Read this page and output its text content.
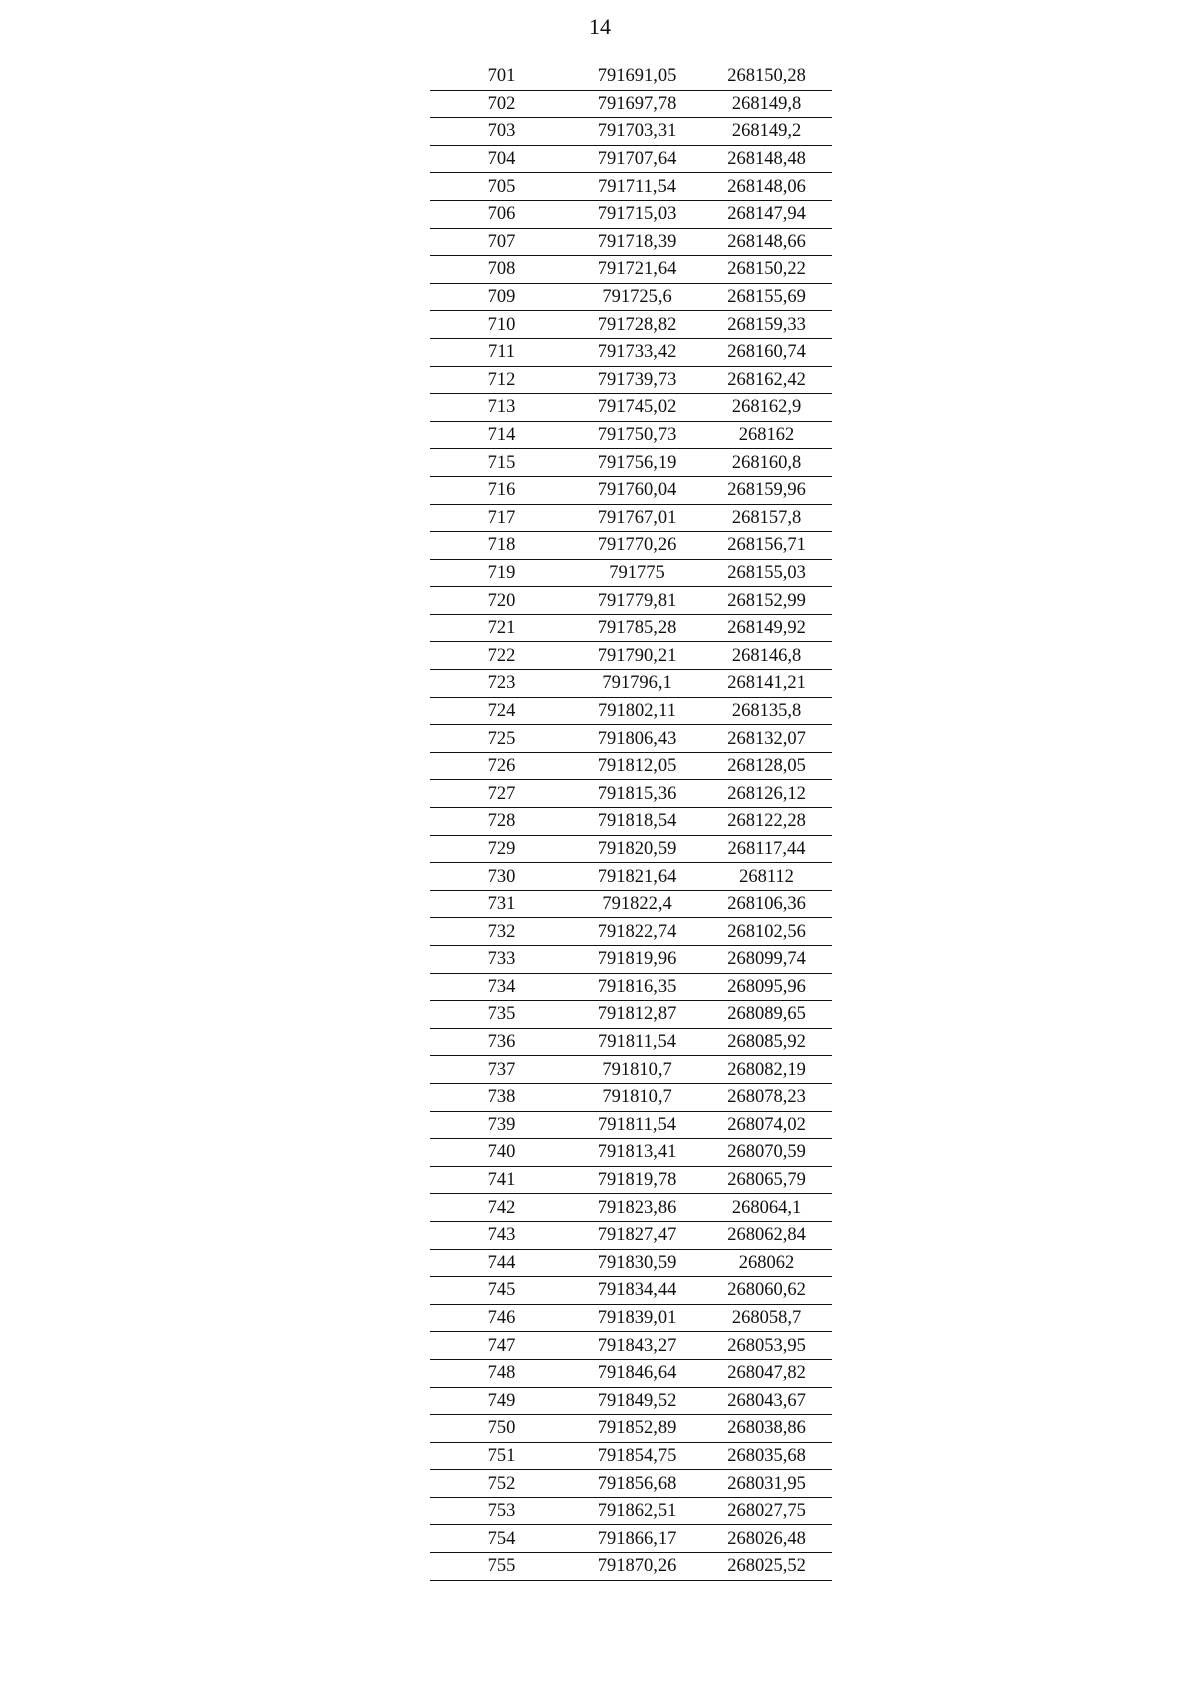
14
701	791691,05	268150,28
702	791697,78	268149,8
703	791703,31	268149,2
704	791707,64	268148,48
705	791711,54	268148,06
706	791715,03	268147,94
707	791718,39	268148,66
708	791721,64	268150,22
709	791725,6	268155,69
710	791728,82	268159,33
711	791733,42	268160,74
712	791739,73	268162,42
713	791745,02	268162,9
714	791750,73	268162
715	791756,19	268160,8
716	791760,04	268159,96
717	791767,01	268157,8
718	791770,26	268156,71
719	791775	268155,03
720	791779,81	268152,99
721	791785,28	268149,92
722	791790,21	268146,8
723	791796,1	268141,21
724	791802,11	268135,8
725	791806,43	268132,07
726	791812,05	268128,05
727	791815,36	268126,12
728	791818,54	268122,28
729	791820,59	268117,44
730	791821,64	268112
731	791822,4	268106,36
732	791822,74	268102,56
733	791819,96	268099,74
734	791816,35	268095,96
735	791812,87	268089,65
736	791811,54	268085,92
737	791810,7	268082,19
738	791810,7	268078,23
739	791811,54	268074,02
740	791813,41	268070,59
741	791819,78	268065,79
742	791823,86	268064,1
743	791827,47	268062,84
744	791830,59	268062
745	791834,44	268060,62
746	791839,01	268058,7
747	791843,27	268053,95
748	791846,64	268047,82
749	791849,52	268043,67
750	791852,89	268038,86
751	791854,75	268035,68
752	791856,68	268031,95
753	791862,51	268027,75
754	791866,17	268026,48
755	791870,26	268025,52
